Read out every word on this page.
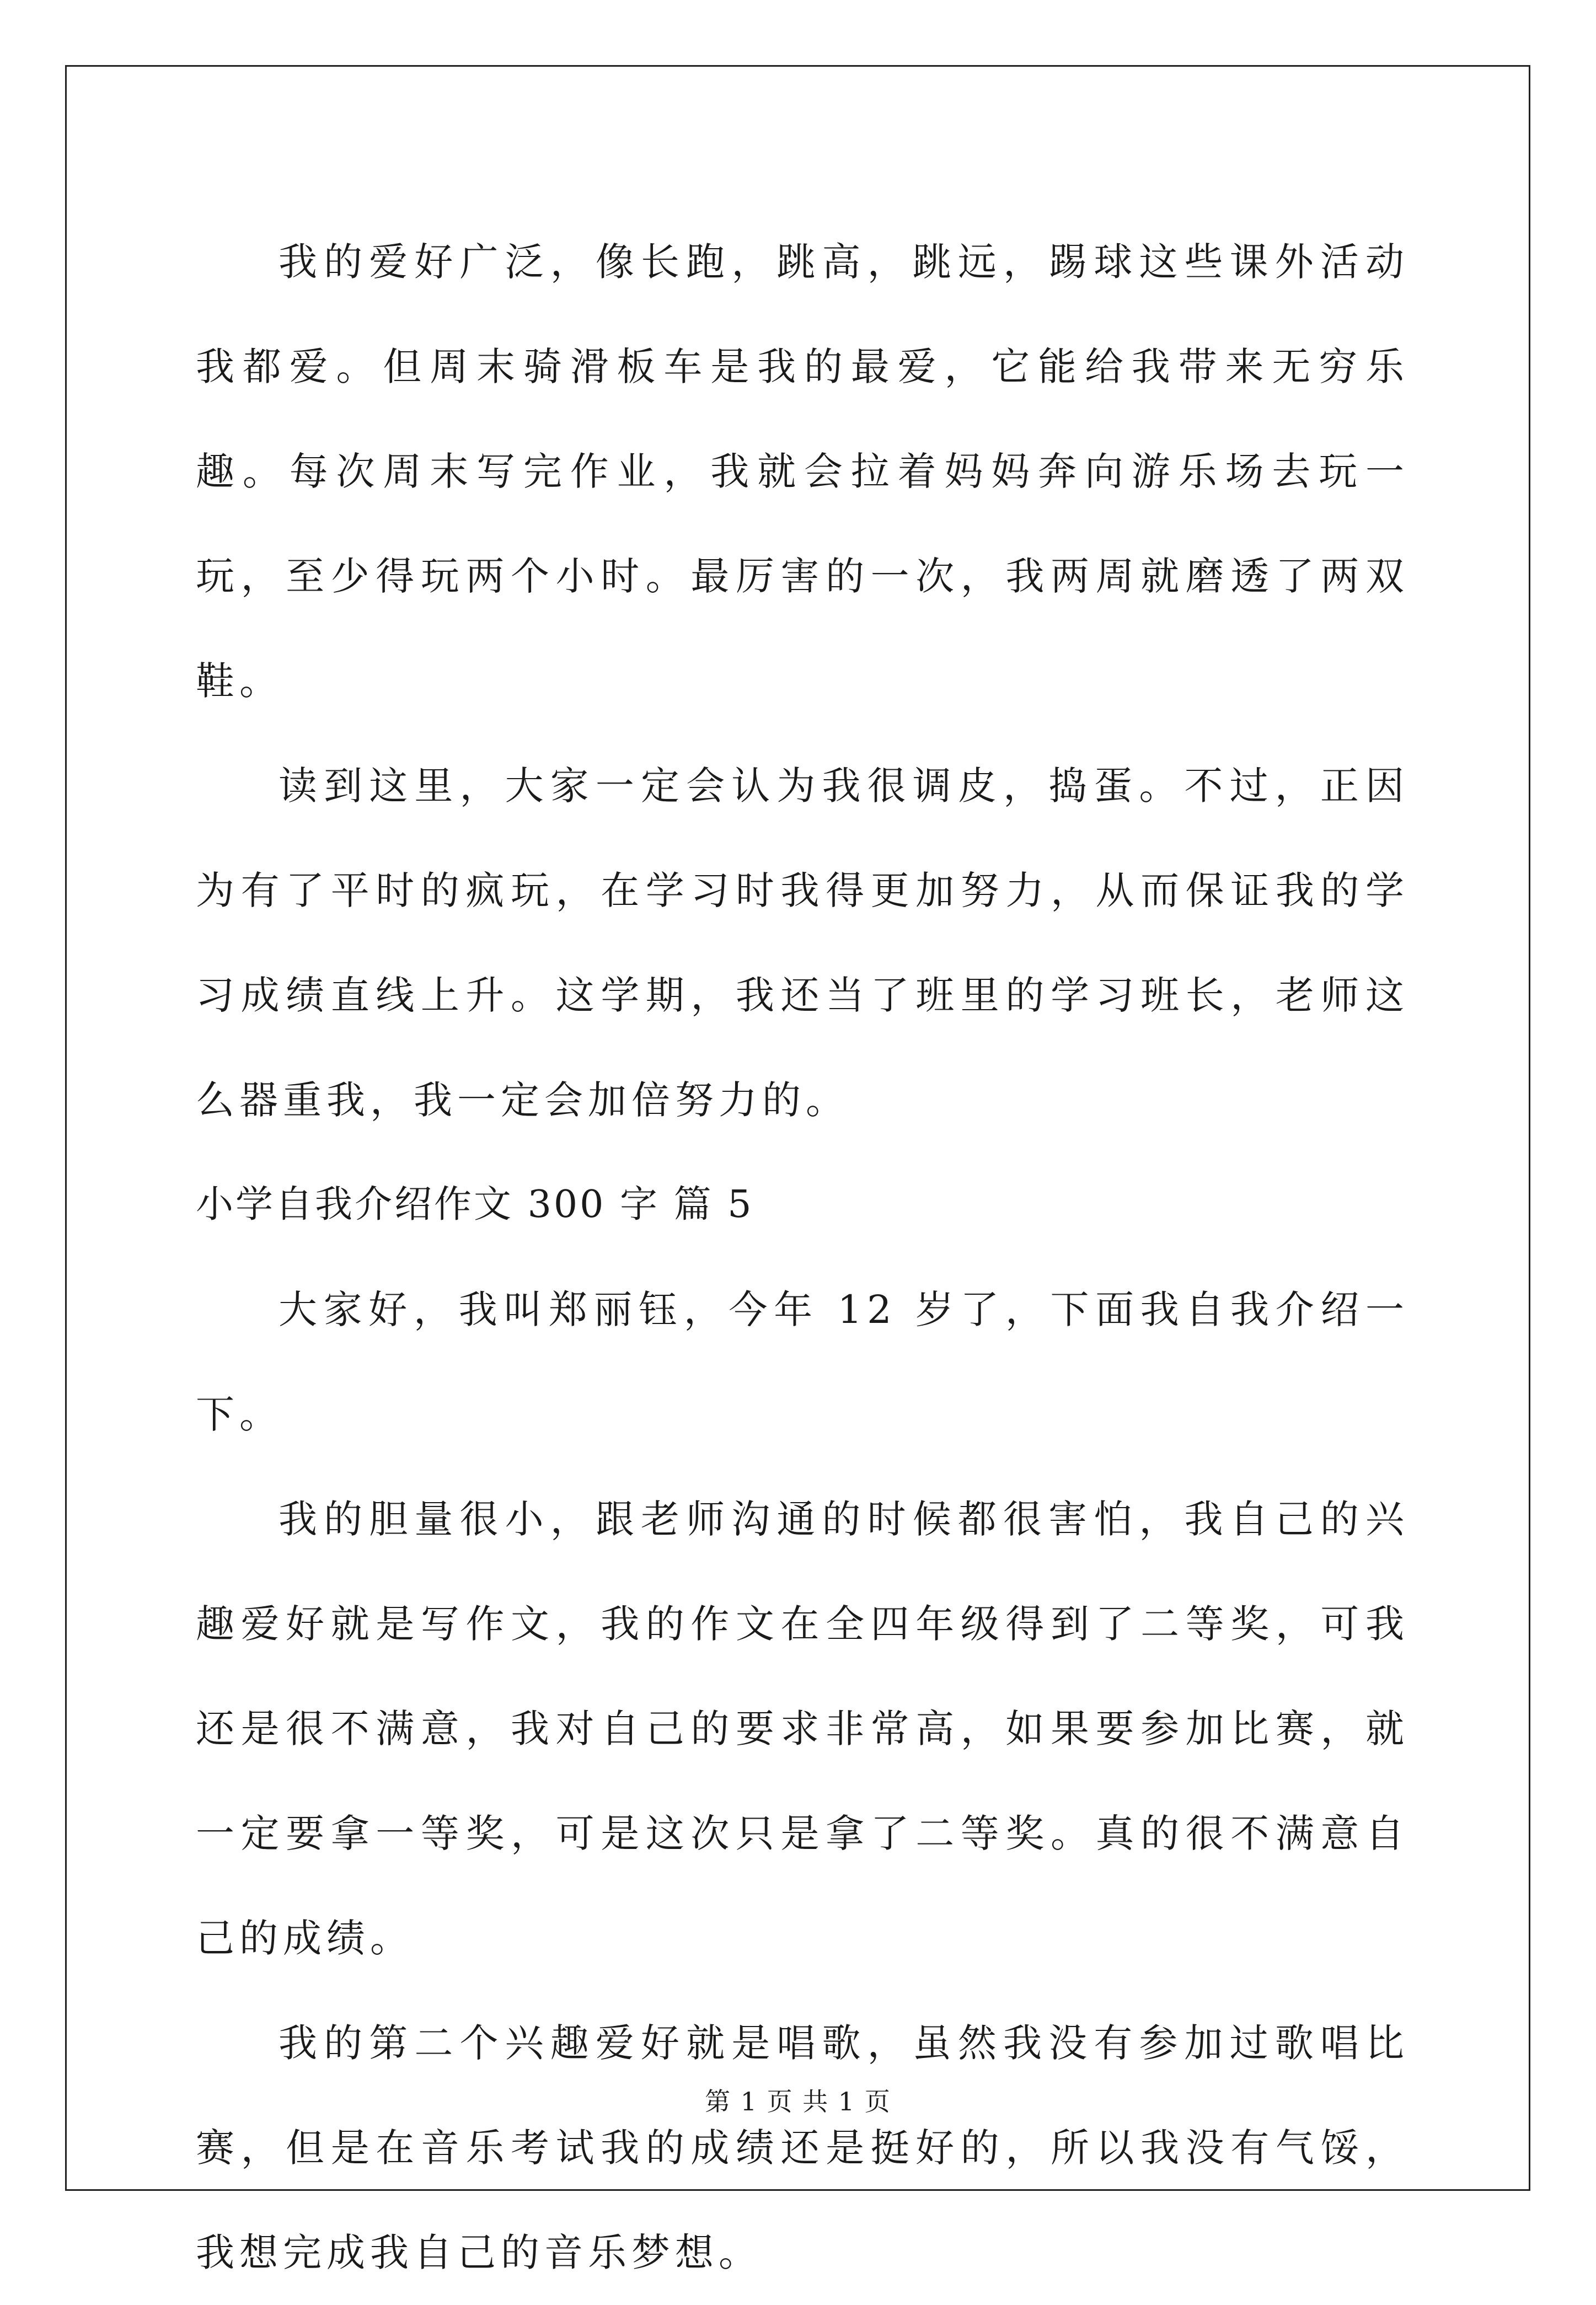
我的爱好广泛，像长跑，跳高，跳远，踢球这些课外活动我都爱。但周末骑滑板车是我的最爱，它能给我带来无穷乐趣。每次周末写完作业，我就会拉着妈妈奔向游乐场去玩一玩，至少得玩两个小时。最厉害的一次，我两周就磨透了两双鞋。

读到这里，大家一定会认为我很调皮，捣蛋。不过，正因为有了平时的疯玩，在学习时我得更加努力，从而保证我的学习成绩直线上升。这学期，我还当了班里的学习班长，老师这么器重我，我一定会加倍努力的。

小学自我介绍作文 300 字 篇 5

大家好，我叫郑丽钰，今年 12 岁了，下面我自我介绍一下。

我的胆量很小，跟老师沟通的时候都很害怕，我自己的兴趣爱好就是写作文，我的作文在全四年级得到了二等奖，可我还是很不满意，我对自己的要求非常高，如果要参加比赛，就一定要拿一等奖，可是这次只是拿了二等奖。真的很不满意自己的成绩。

我的第二个兴趣爱好就是唱歌，虽然我没有参加过歌唱比赛，但是在音乐考试我的成绩还是挺好的，所以我没有气馁，我想完成我自己的音乐梦想。

第 1 页 共 1 页
